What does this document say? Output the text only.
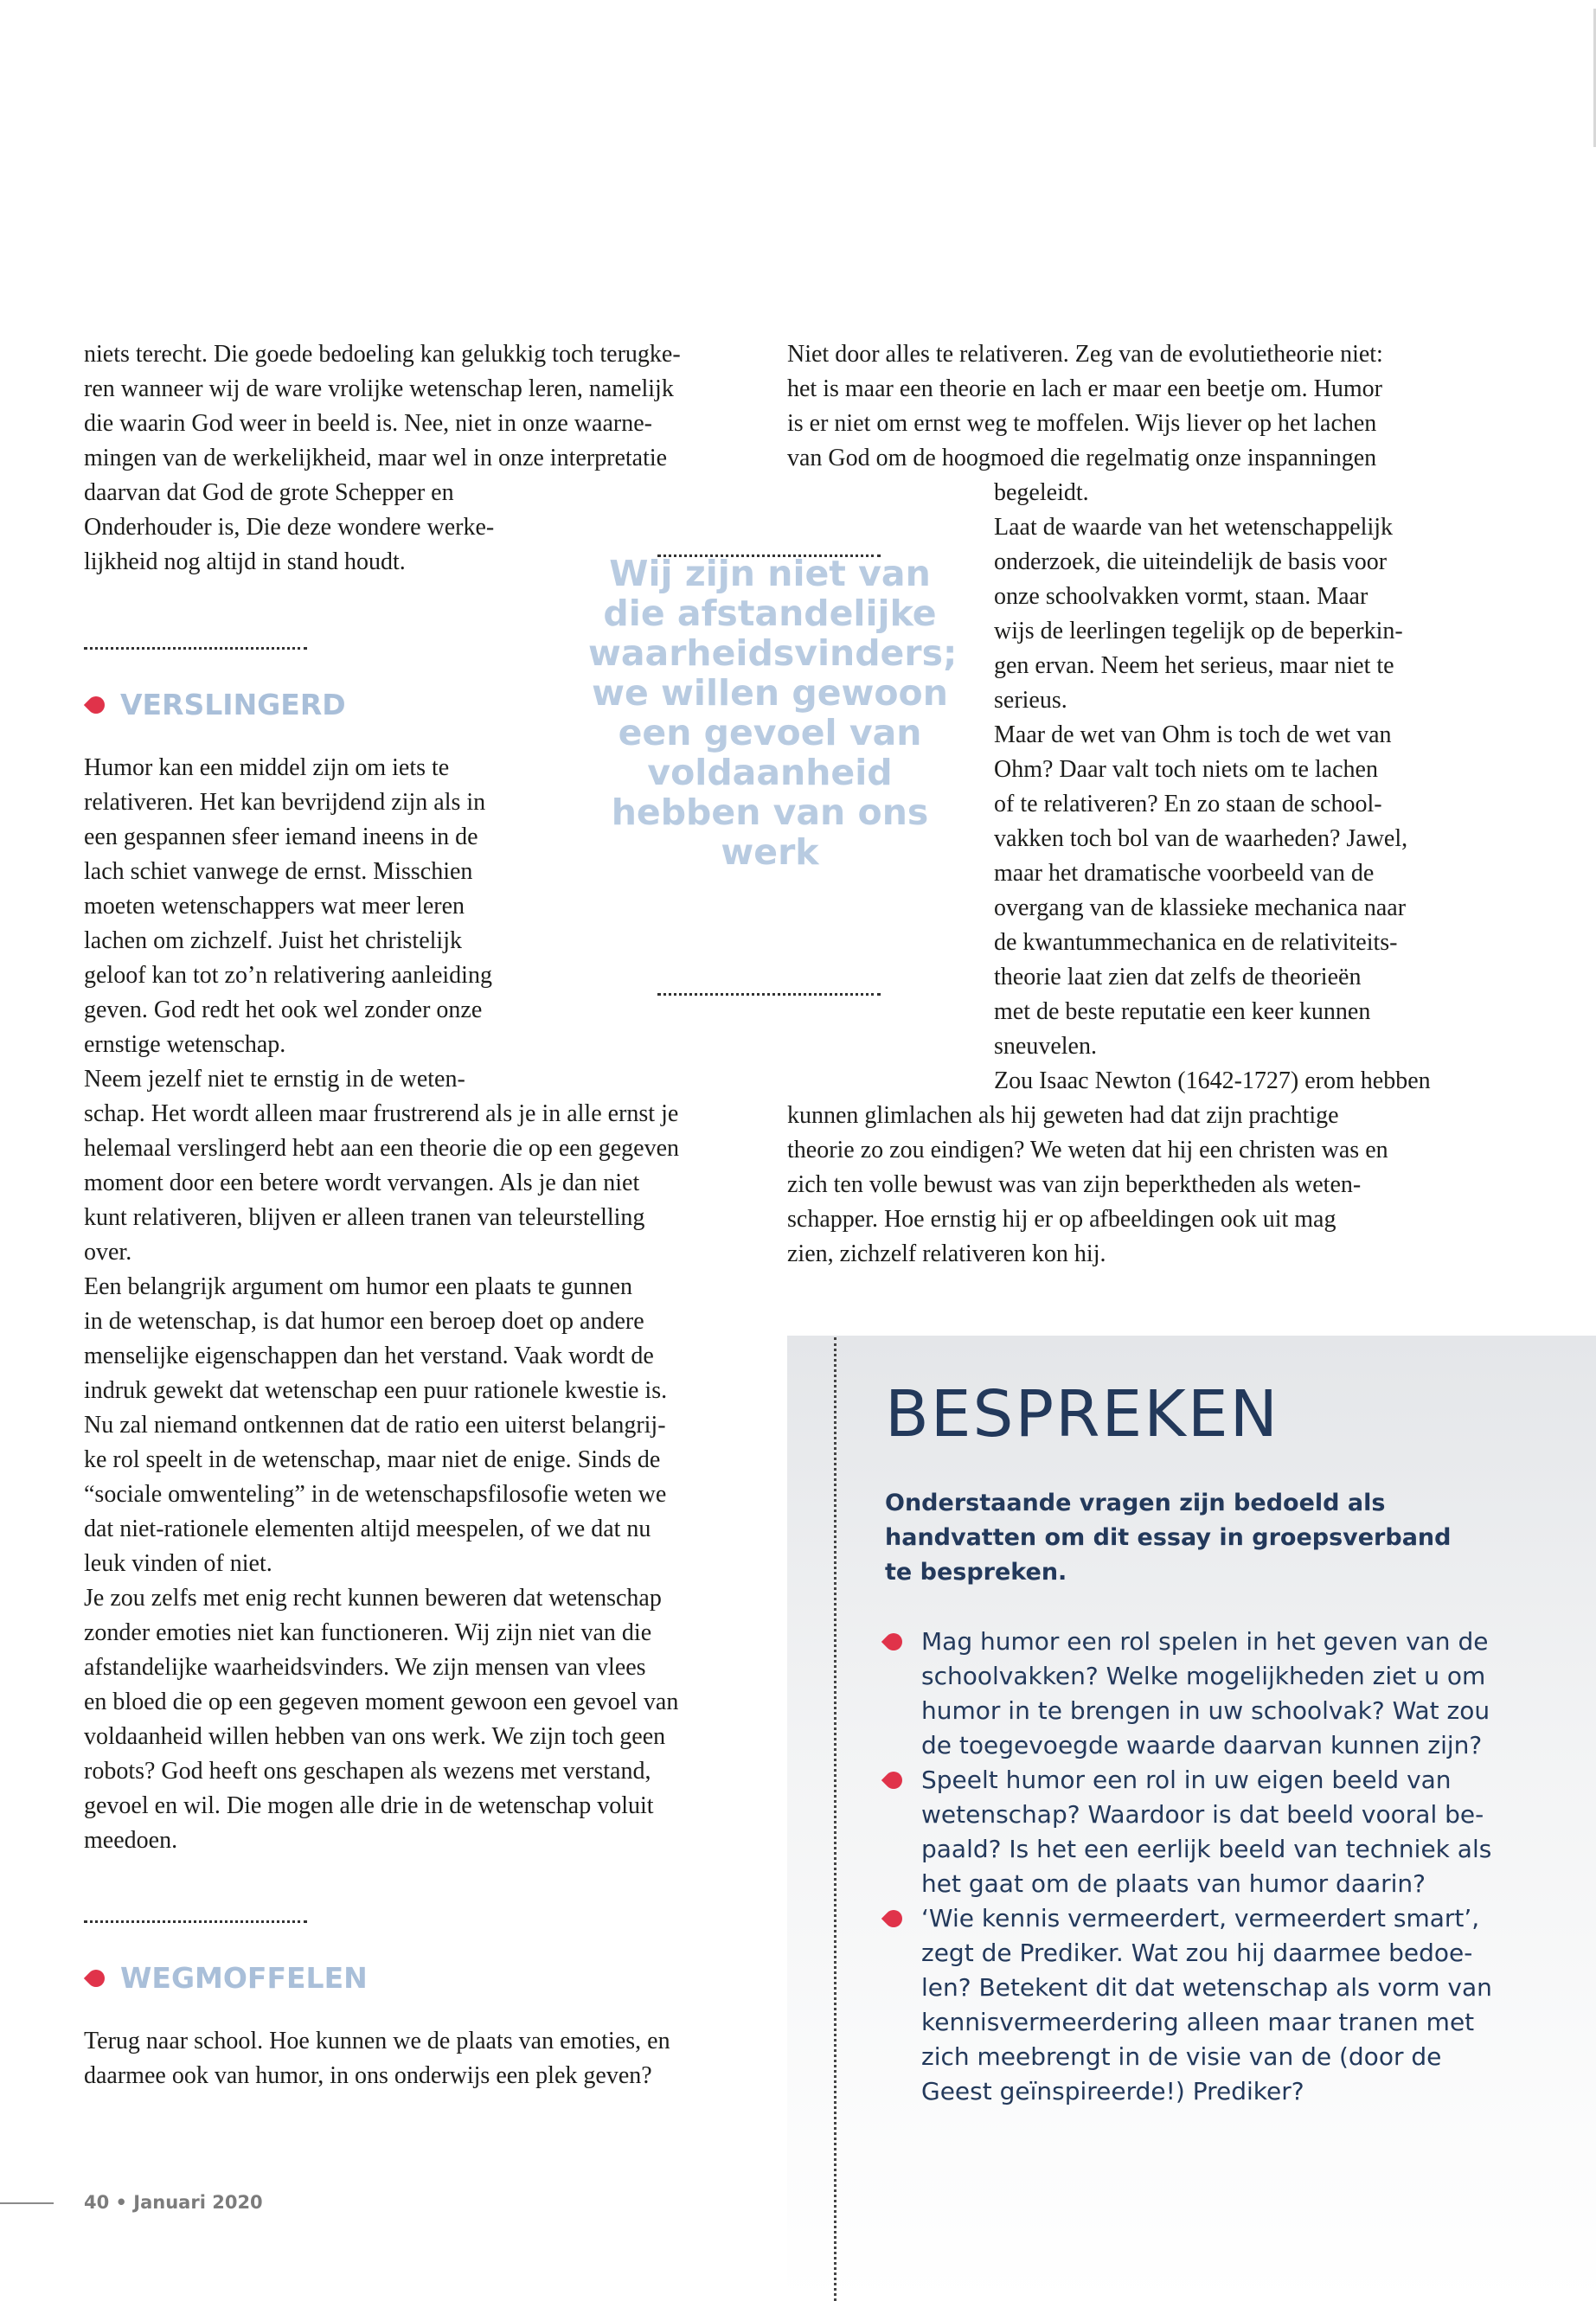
niets terecht. Die goede bedoeling kan gelukkig toch terugke-
ren wanneer wij de ware vrolijke wetenschap leren, namelijk
die waarin God weer in beeld is. Nee, niet in onze waarne-
mingen van de werkelijkheid, maar wel in onze interpretatie
daarvan dat God de grote Schepper en
Onderhouder is, Die deze wondere werke-
lijkheid nog altijd in stand houdt.

VERSLINGERD

Humor kan een middel zijn om iets te
relativeren. Het kan bevrijdend zijn als in
een gespannen sfeer iemand ineens in de
lach schiet vanwege de ernst. Misschien
moeten wetenschappers wat meer leren
lachen om zichzelf. Juist het christelijk
geloof kan tot zo’n relativering aanleiding
geven. God redt het ook wel zonder onze
ernstige wetenschap.
Neem jezelf niet te ernstig in de weten-
schap. Het wordt alleen maar frustrerend als je in alle ernst je
helemaal verslingerd hebt aan een theorie die op een gegeven
moment door een betere wordt vervangen. Als je dan niet
kunt relativeren, blijven er alleen tranen van teleurstelling
over.
Een belangrijk argument om humor een plaats te gunnen
in de wetenschap, is dat humor een beroep doet op andere
menselijke eigenschappen dan het verstand. Vaak wordt de
indruk gewekt dat wetenschap een puur rationele kwestie is.
Nu zal niemand ontkennen dat de ratio een uiterst belangrij-
ke rol speelt in de wetenschap, maar niet de enige. Sinds de
“sociale omwenteling” in de wetenschapsfilosofie weten we
dat niet-rationele elementen altijd meespelen, of we dat nu
leuk vinden of niet.
Je zou zelfs met enig recht kunnen beweren dat wetenschap
zonder emoties niet kan functioneren. Wij zijn niet van die
afstandelijke waarheidsvinders. We zijn mensen van vlees
en bloed die op een gegeven moment gewoon een gevoel van
voldaanheid willen hebben van ons werk. We zijn toch geen
robots? God heeft ons geschapen als wezens met verstand,
gevoel en wil. Die mogen alle drie in de wetenschap voluit
meedoen.

WEGMOFFELEN

Terug naar school. Hoe kunnen we de plaats van emoties, en
daarmee ook van humor, in ons onderwijs een plek geven?

Wij zijn niet van die afstandelijke waarheidsvinders; we willen gewoon een gevoel van voldaanheid hebben van ons werk

Niet door alles te relativeren. Zeg van de evolutietheorie niet:
het is maar een theorie en lach er maar een beetje om. Humor
is er niet om ernst weg te moffelen. Wijs liever op het lachen
van God om de hoogmoed die regelmatig onze inspanningen

begeleidt.
Laat de waarde van het wetenschappelijk
onderzoek, die uiteindelijk de basis voor
onze schoolvakken vormt, staan. Maar
wijs de leerlingen tegelijk op de beperkin-
gen ervan. Neem het serieus, maar niet te
serieus.
Maar de wet van Ohm is toch de wet van
Ohm? Daar valt toch niets om te lachen
of te relativeren? En zo staan de school-
vakken toch bol van de waarheden? Jawel,
maar het dramatische voorbeeld van de
overgang van de klassieke mechanica naar
de kwantummechanica en de relativiteits-
theorie laat zien dat zelfs de theorieën
met de beste reputatie een keer kunnen
sneuvelen.
Zou Isaac Newton (1642-1727) erom hebben

kunnen glimlachen als hij geweten had dat zijn prachtige
theorie zo zou eindigen? We weten dat hij een christen was en
zich ten volle bewust was van zijn beperktheden als weten-
schapper. Hoe ernstig hij er op afbeeldingen ook uit mag
zien, zichzelf relativeren kon hij.

BESPREKEN
Onderstaande vragen zijn bedoeld als
handvatten om dit essay in groepsverband
te bespreken.
Mag humor een rol spelen in het geven van de
schoolvakken? Welke mogelijkheden ziet u om
humor in te brengen in uw schoolvak? Wat zou
de toegevoegde waarde daarvan kunnen zijn?
Speelt humor een rol in uw eigen beeld van
wetenschap? Waardoor is dat beeld vooral be-
paald? Is het een eerlijk beeld van techniek als
het gaat om de plaats van humor daarin?
‘Wie kennis vermeerdert, vermeerdert smart’,
zegt de Prediker. Wat zou hij daarmee bedoe-
len? Betekent dit dat wetenschap als vorm van
kennisvermeerdering alleen maar tranen met
zich meebrengt in de visie van de (door de
Geest geïnspireerde!) Prediker?
40 • Januari 2020
